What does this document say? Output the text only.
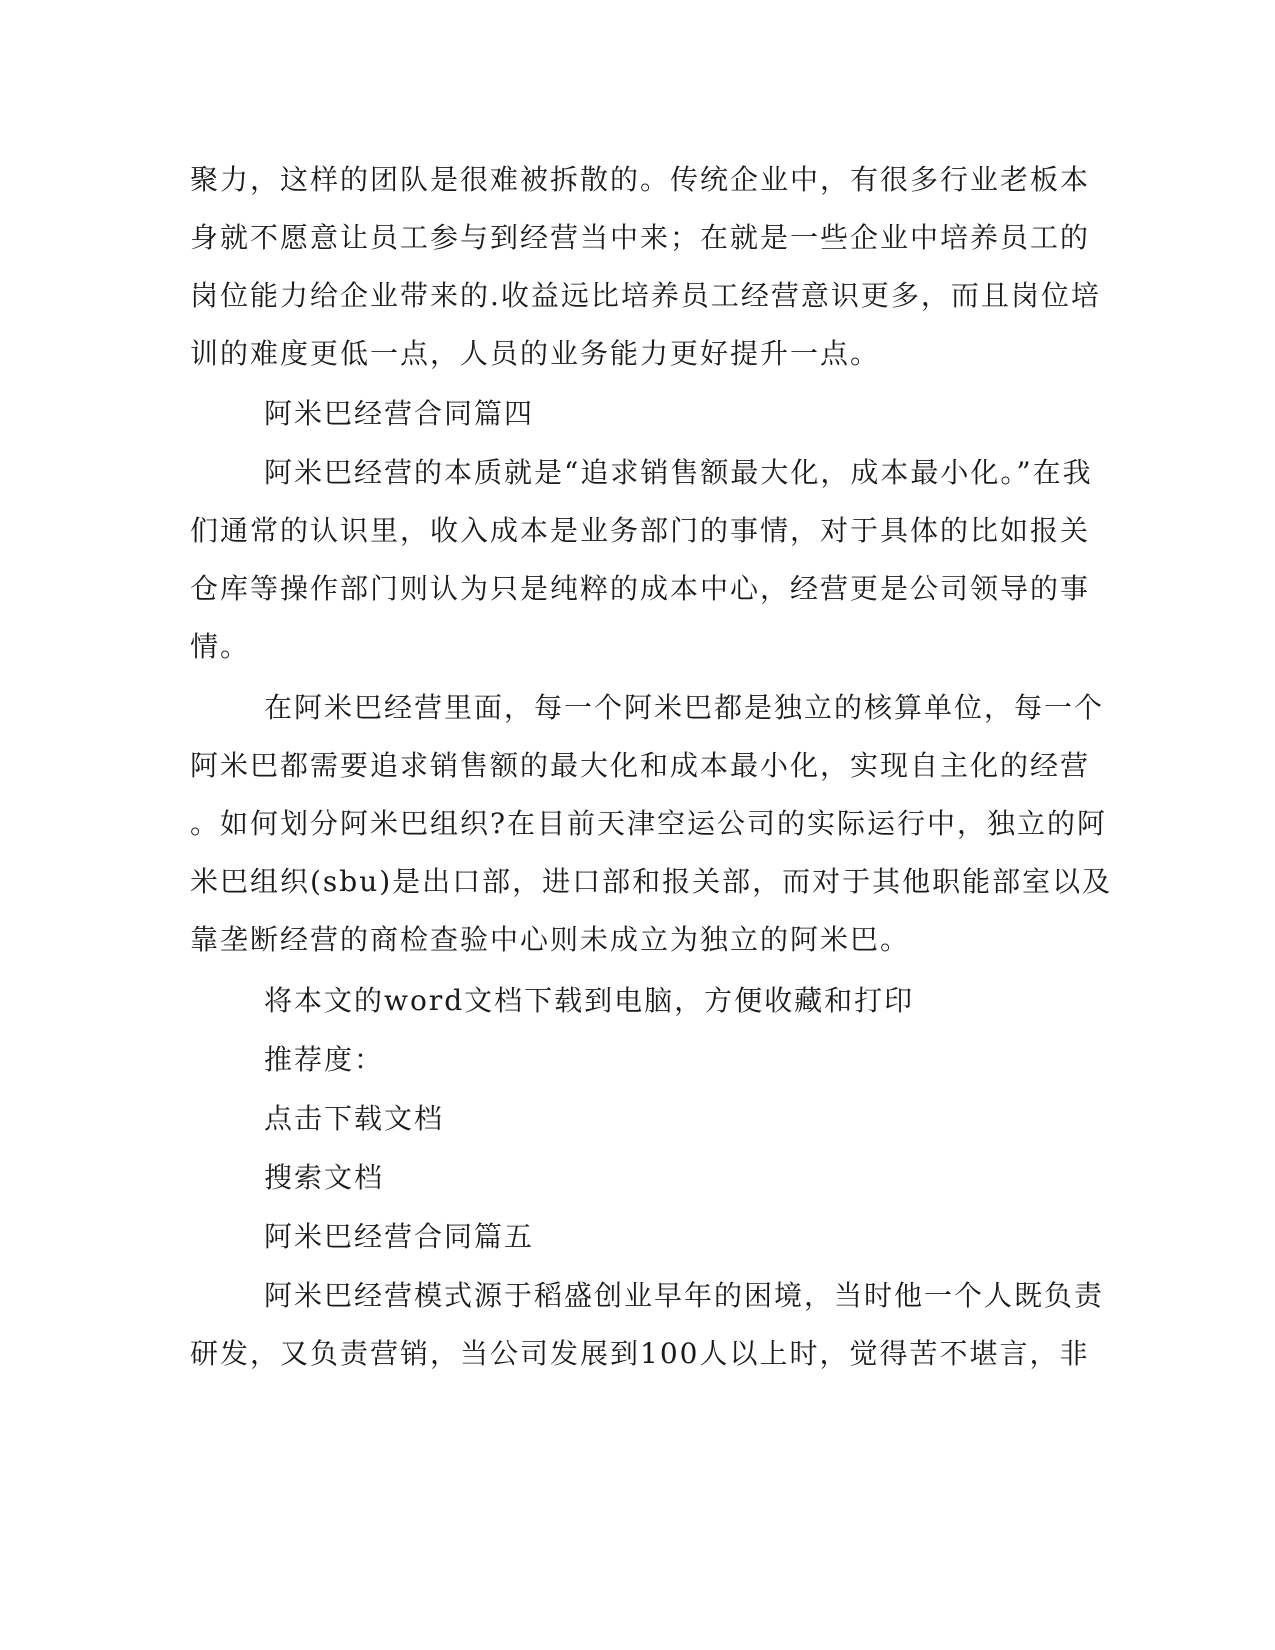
聚力，这样的团队是很难被拆散的。传统企业中，有很多行业老板本
身就不愿意让员工参与到经营当中来；在就是一些企业中培养员工的
岗位能力给企业带来的.收益远比培养员工经营意识更多，而且岗位培
训的难度更低一点，人员的业务能力更好提升一点。
阿米巴经营合同篇四
阿米巴经营的本质就是“追求销售额最大化，成本最小化。”在我
们通常的认识里，收入成本是业务部门的事情，对于具体的比如报关
仓库等操作部门则认为只是纯粹的成本中心，经营更是公司领导的事
情。
在阿米巴经营里面，每一个阿米巴都是独立的核算单位，每一个
阿米巴都需要追求销售额的最大化和成本最小化，实现自主化的经营
。如何划分阿米巴组织?在目前天津空运公司的实际运行中，独立的阿
米巴组织(sbu)是出口部，进口部和报关部，而对于其他职能部室以及
靠垄断经营的商检查验中心则未成立为独立的阿米巴。
将本文的word文档下载到电脑，方便收藏和打印
推荐度：
点击下载文档
搜索文档
阿米巴经营合同篇五
阿米巴经营模式源于稻盛创业早年的困境，当时他一个人既负责
研发，又负责营销，当公司发展到100人以上时，觉得苦不堪言，非
